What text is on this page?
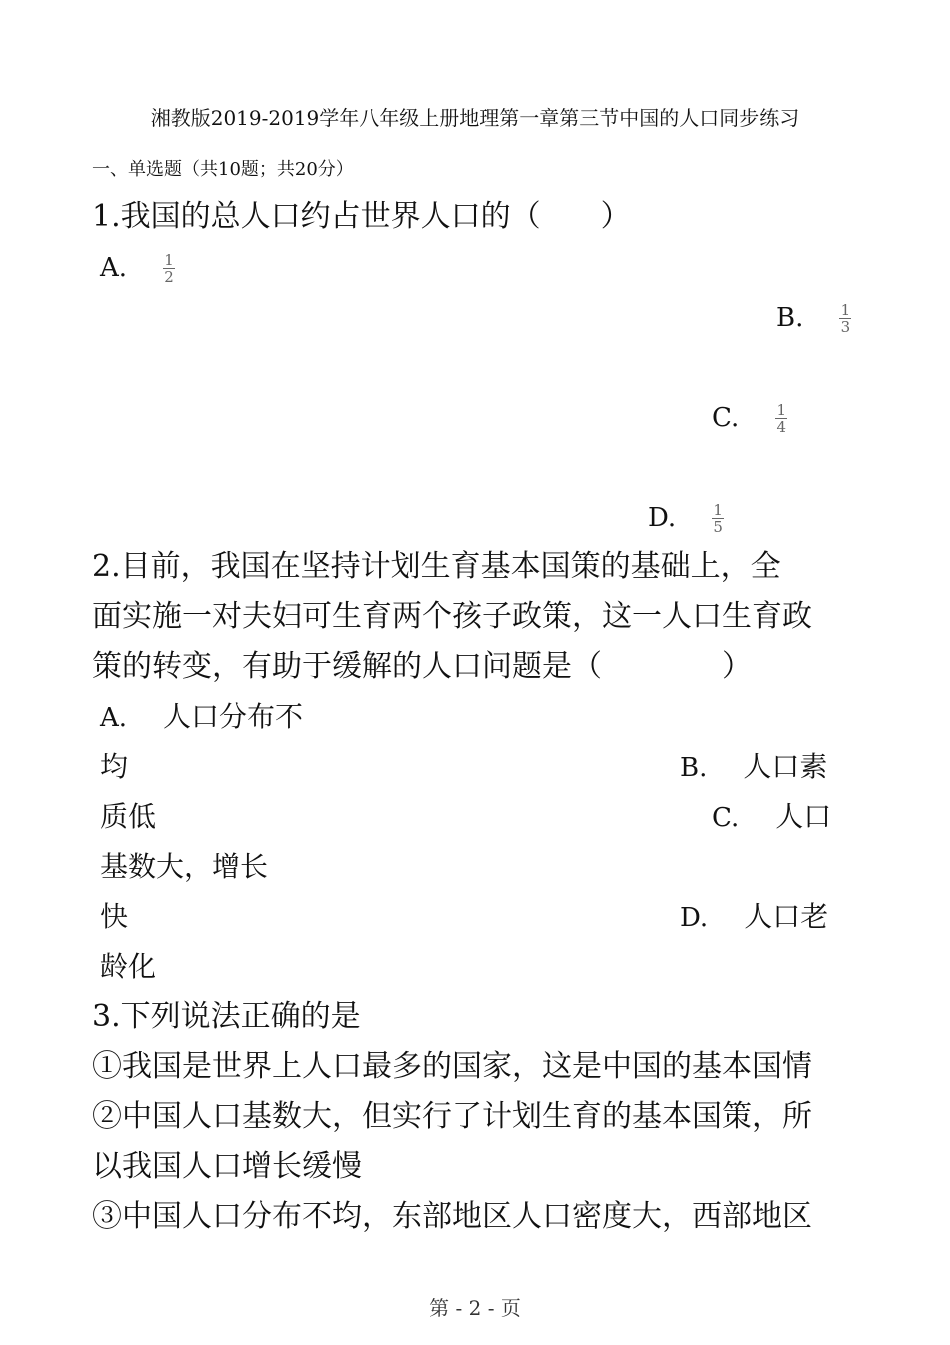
湘教版2019-2019学年八年级上册地理第一章第三节中国的人口同步练习
一、单选题（共10题；共20分）
1.我国的总人口约占世界人口的（　　）
A. $\frac{1}{2}$
B. $\frac{1}{3}$
C. $\frac{1}{4}$
D. $\frac{1}{5}$
2.目前，我国在坚持计划生育基本国策的基础上，全
面实施一对夫妇可生育两个孩子政策，这一人口生育政
策的转变，有助于缓解的人口问题是（　　　　）
A. 人口分布不
均	B. 人口素
质低	C. 人口
基数大，增长
快	D. 人口老
龄化
3.下列说法正确的是
①我国是世界上人口最多的国家，这是中国的基本国情
②中国人口基数大，但实行了计划生育的基本国策，所
以我国人口增长缓慢
③中国人口分布不均，东部地区人口密度大，西部地区
第 - 2 - 页
